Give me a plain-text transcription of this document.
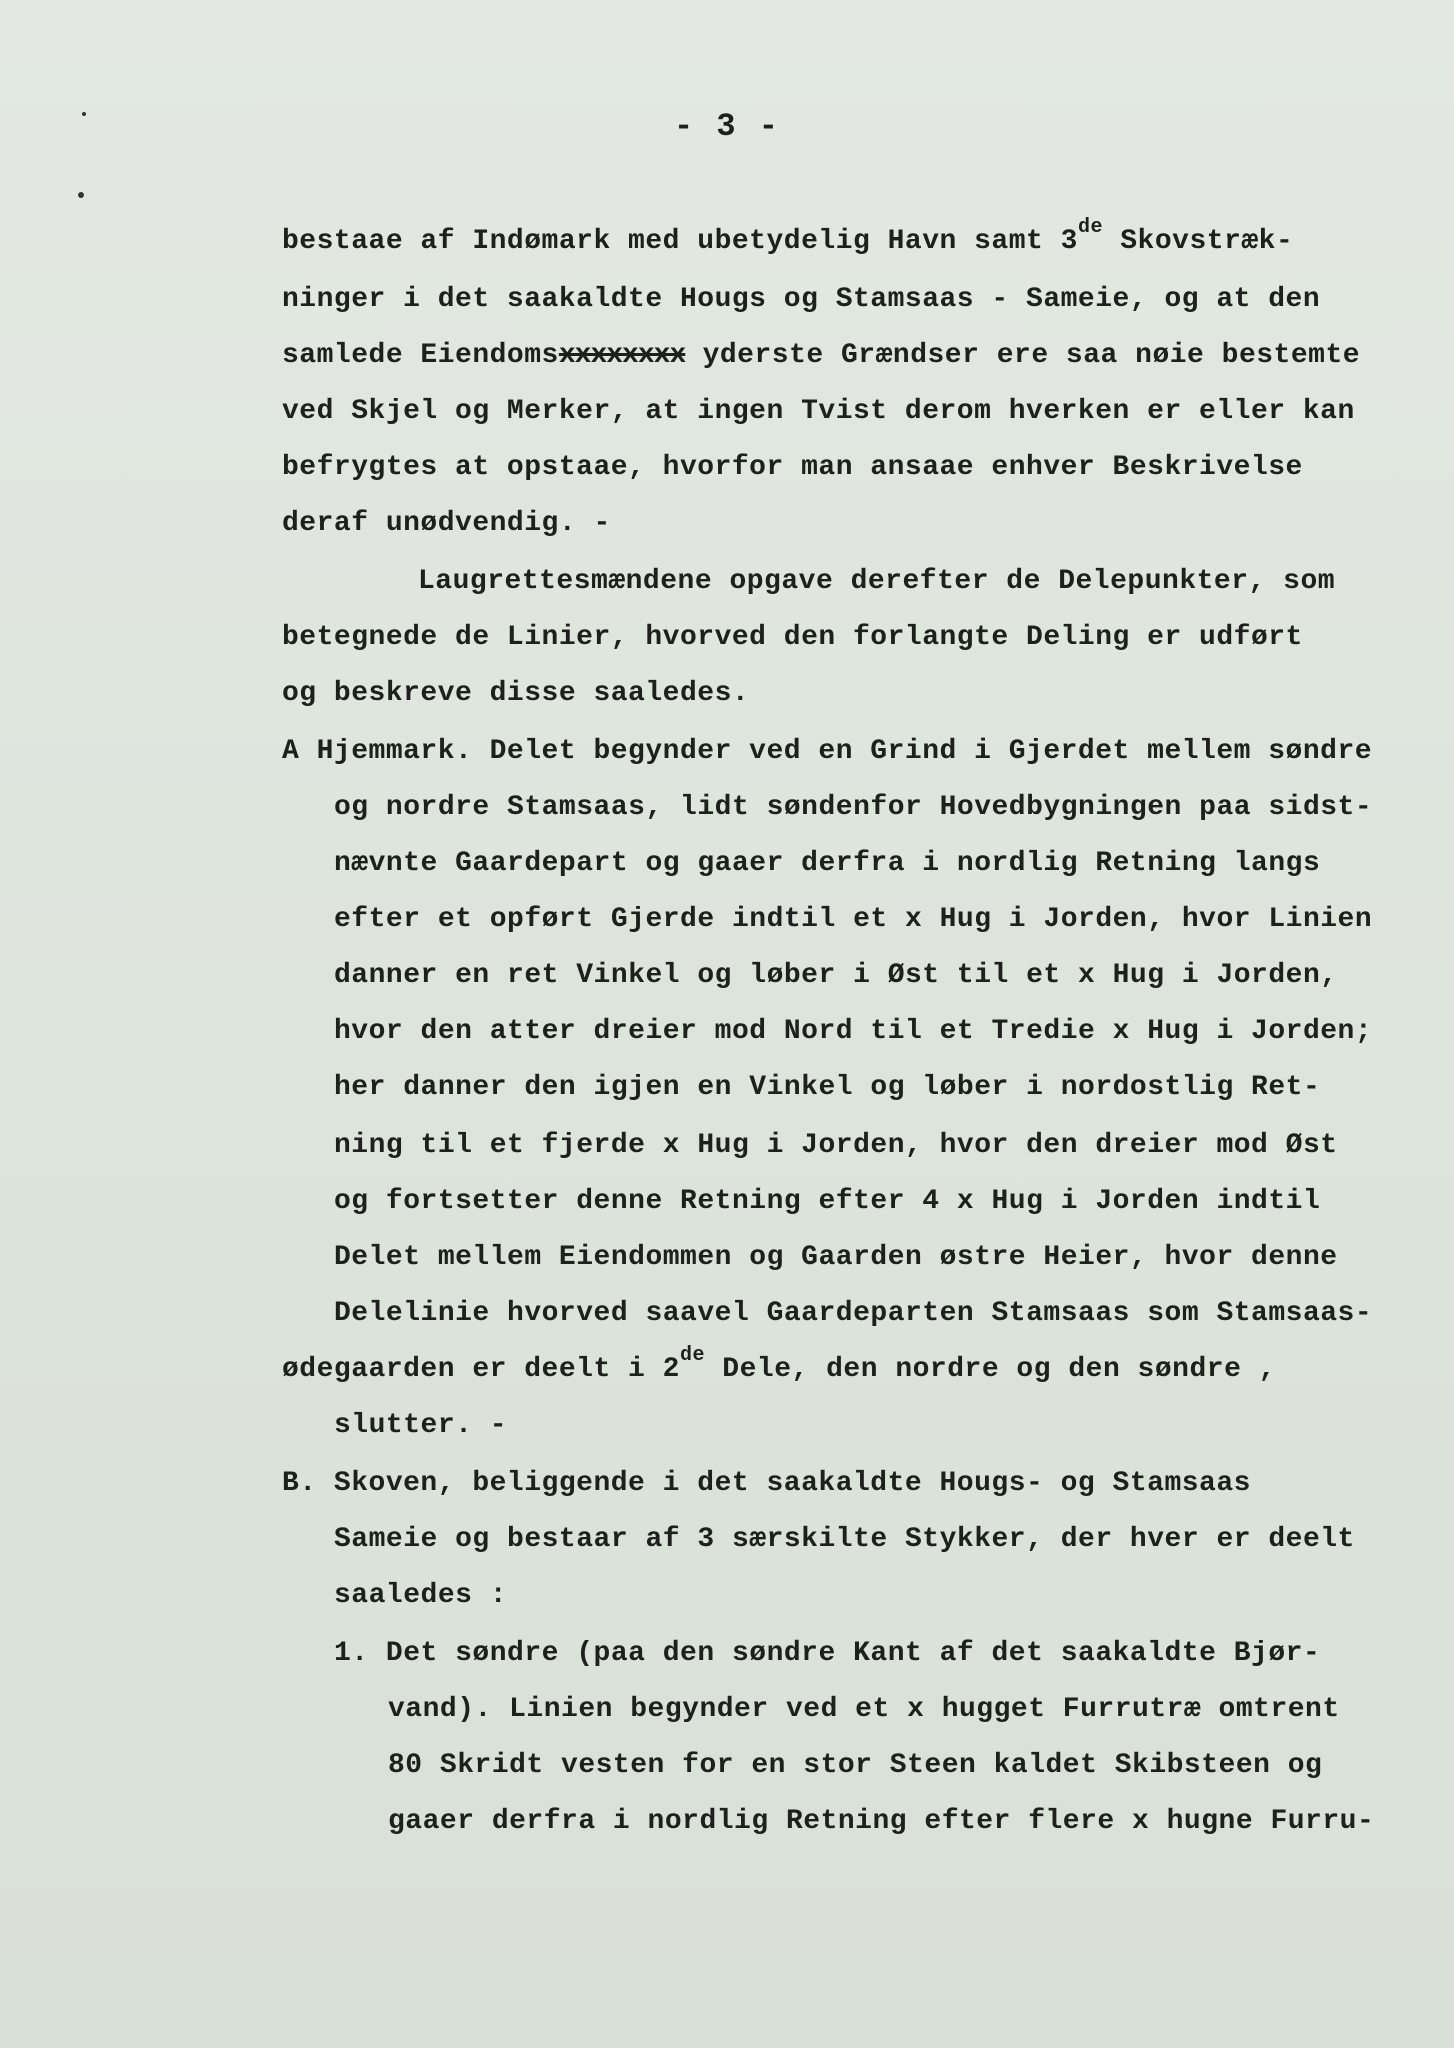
- 3 -
bestaae af Indømark med ubetydelig Havn samt 3de Skovstræk-
ninger i det saakaldte Hougs og Stamsaas - Sameie, og at den
samlede Eiendomsxxxxxxxx yderste Grændser ere saa nøie bestemte
ved Skjel og Merker, at ingen Tvist derom hverken er eller kan
befrygtes at opstaae, hvorfor man ansaae enhver Beskrivelse
deraf unødvendig. -
Laugrettesmændene opgave derefter de Delepunkter, som
betegnede de Linier, hvorved den forlangte Deling er udført
og beskreve disse saaledes.
A Hjemmark. Delet begynder ved en Grind i Gjerdet mellem søndre
og nordre Stamsaas, lidt søndenfor Hovedbygningen paa sidst-
nævnte Gaardepart og gaaer derfra i nordlig Retning langs
efter et opført Gjerde indtil et x Hug i Jorden, hvor Linien
danner en ret Vinkel og løber i Øst til et x Hug i Jorden,
hvor den atter dreier mod Nord til et Tredie x Hug i Jorden;
her danner den igjen en Vinkel og løber i nordostlig Ret-
ning til et fjerde x Hug i Jorden, hvor den dreier mod Øst
og fortsetter denne Retning efter 4 x Hug i Jorden indtil
Delet mellem Eiendommen og Gaarden østre Heier, hvor denne
Delelinie hvorved saavel Gaardeparten Stamsaas som Stamsaas-
ødegaarden er deelt i 2de Dele, den nordre og den søndre ,
slutter. -
B. Skoven, beliggende i det saakaldte Hougs- og Stamsaas
Sameie og bestaar af 3 særskilte Stykker, der hver er deelt
saaledes :
1. Det søndre (paa den søndre Kant af det saakaldte Bjør-
vand). Linien begynder ved et x hugget Furrutræ omtrent
80 Skridt vesten for en stor Steen kaldet Skibsteen og
gaaer derfra i nordlig Retning efter flere x hugne Furru-
